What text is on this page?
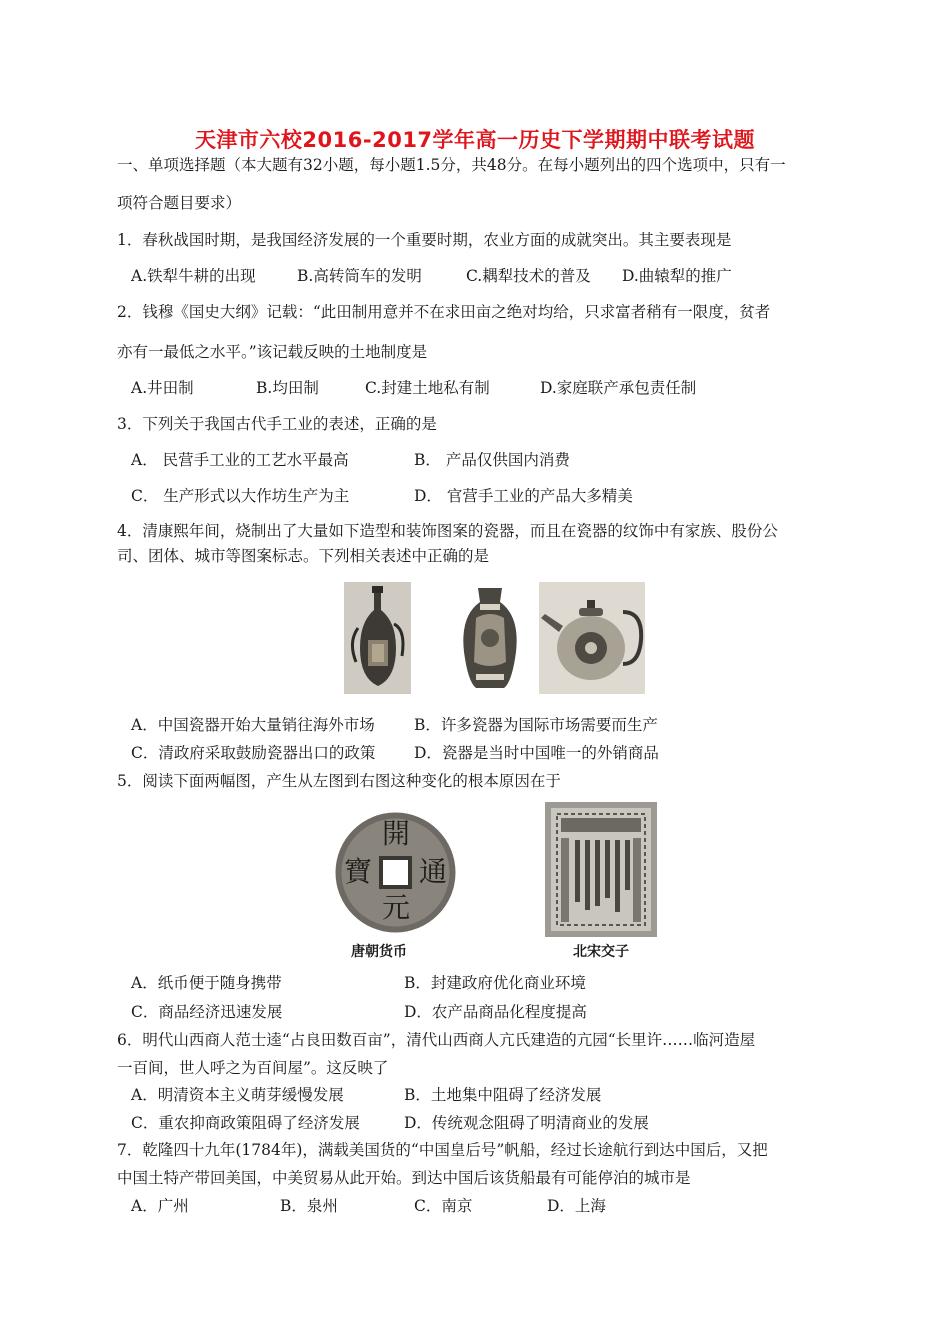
天津市六校2016-2017学年高一历史下学期期中联考试题
一、单项选择题（本大题有32小题，每小题1.5分，共48分。在每小题列出的四个选项中，只有一
项符合题目要求）
1．春秋战国时期，是我国经济发展的一个重要时期，农业方面的成就突出。其主要表现是
A.铁犁牛耕的出现	B.高转筒车的发明	C.耦犁技术的普及 D.曲辕犁的推广
2．钱穆《国史大纲》记载：“此田制用意并不在求田亩之绝对均给，只求富者稍有一限度，贫者
亦有一最低之水平。”该记载反映的土地制度是
A.井田制	B.均田制	C.封建土地私有制	D.家庭联产承包责任制
3．下列关于我国古代手工业的表述，正确的是
A． 民营手工业的工艺水平最高	B． 产品仅供国内消费
C． 生产形式以大作坊生产为主	D． 官营手工业的产品大多精美
4．清康熙年间，烧制出了大量如下造型和装饰图案的瓷器，而且在瓷器的纹饰中有家族、股份公
司、团体、城市等图案标志。下列相关表述中正确的是
A．中国瓷器开始大量销往海外市场	B．许多瓷器为国际市场需要而生产
C．清政府采取鼓励瓷器出口的政策 D．瓷器是当时中国唯一的外销商品
5．阅读下面两幅图，产生从左图到右图这种变化的根本原因在于
開
元
通
寶
唐朝货币	北宋交子
A．纸币便于随身携带	B．封建政府优化商业环境
C．商品经济迅速发展	D．农产品商品化程度提高
6．明代山西商人范士逵“占良田数百亩”，清代山西商人亢氏建造的亢园“长里许……临河造屋
一百间，世人呼之为百间屋”。这反映了
A．明清资本主义萌芽缓慢发展	B．土地集中阻碍了经济发展
C．重农抑商政策阻碍了经济发展	D．传统观念阻碍了明清商业的发展
7．乾隆四十九年(1784年)，满载美国货的“中国皇后号”帆船，经过长途航行到达中国后，又把
中国土特产带回美国，中美贸易从此开始。到达中国后该货船最有可能停泊的城市是
A．广州	B．泉州	C．南京	D．上海
